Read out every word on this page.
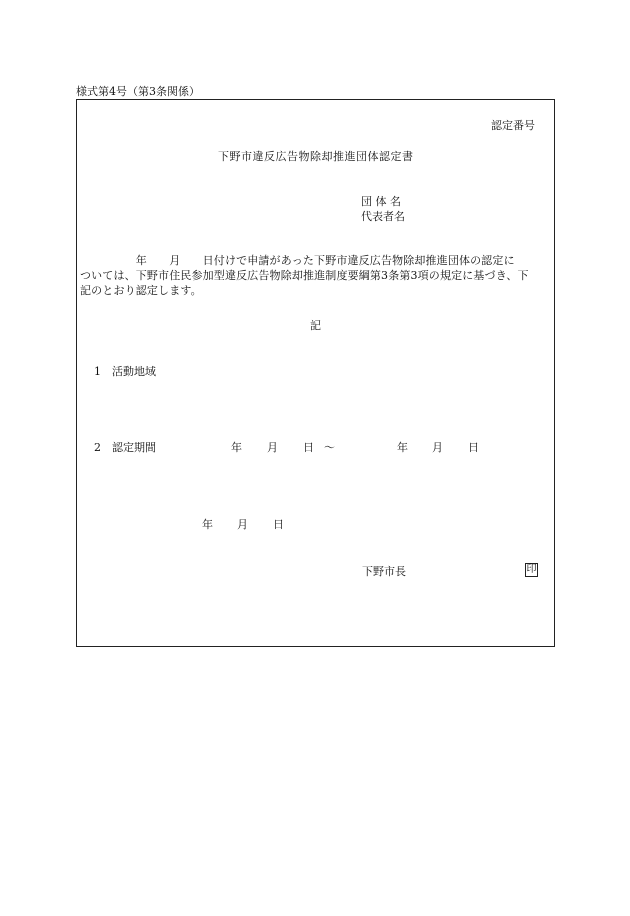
様式第4号（第3条関係）
認定番号
下野市違反広告物除却推進団体認定書
団 体 名
代表者名
　　　　　年　　月　　日付けで申請があった下野市違反広告物除却推進団体の認定に
ついては、下野市住民参加型違反広告物除却推進制度要綱第3条第3項の規定に基づき、下
記のとおり認定します。
記
1 活動地域
2 認定期間	年 月 日 ～	年 月 日
年 月 日
下野市長	印
